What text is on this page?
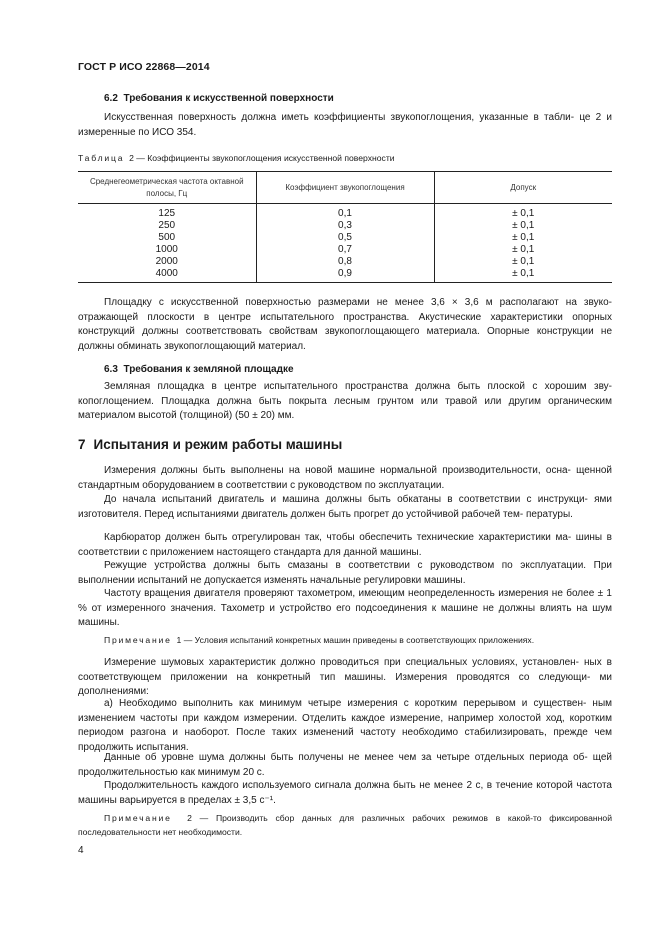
ГОСТ Р ИСО 22868—2014
6.2 Требования к искусственной поверхности

Искусственная поверхность должна иметь коэффициенты звукопоглощения, указанные в табли- це 2 и измеренные по ИСО 354.

Таблица 2 — Коэффициенты звукопоглощения искусственной поверхности
Среднегеометрическая частота октавной полосы, Гц	Коэффициент звукопоглощения	Допуск
125	0,1	± 0,1
250	0,3	± 0,1
500	0,5	± 0,1
1000	0,7	± 0,1
2000	0,8	± 0,1
4000	0,9	± 0,1

Площадку с искусственной поверхностью размерами не менее 3,6 × 3,6 м располагают на звуко- отражающей плоскости в центре испытательного пространства. Акустические характеристики опорных конструкций должны соответствовать свойствам звукопоглощающего материала. Опорные конструкции не должны обминать звукопоглощающий материал.

6.3 Требования к земляной площадке

Земляная площадка в центре испытательного пространства должна быть плоской с хорошим зву- копоглощением. Площадка должна быть покрыта лесным грунтом или травой или другим органическим материалом высотой (толщиной) (50 ± 20) мм.

7 Испытания и режим работы машины

Измерения должны быть выполнены на новой машине нормальной производительности, осна- щенной стандартным оборудованием в соответствии с руководством по эксплуатации.

До начала испытаний двигатель и машина должны быть обкатаны в соответствии с инструкци- ями изготовителя. Перед испытаниями двигатель должен быть прогрет до устойчивой рабочей тем- пературы.

Карбюратор должен быть отрегулирован так, чтобы обеспечить технические характеристики ма- шины в соответствии с приложением настоящего стандарта для данной машины.

Режущие устройства должны быть смазаны в соответствии с руководством по эксплуатации. При выполнении испытаний не допускается изменять начальные регулировки машины.

Частоту вращения двигателя проверяют тахометром, имеющим неопределенность измерения не более ± 1 % от измеренного значения. Тахометр и устройство его подсоединения к машине не должны влиять на шум машины.

Примечание 1 — Условия испытаний конкретных машин приведены в соответствующих приложениях.

Измерение шумовых характеристик должно проводиться при специальных условиях, установлен- ных в соответствующем приложении на конкретный тип машины. Измерения проводятся со следующи- ми дополнениями:

а) Необходимо выполнить как минимум четыре измерения с коротким перерывом и существен- ным изменением частоты при каждом измерении. Отделить каждое измерение, например холостой ход, коротким периодом разгона и наоборот. После таких изменений частоту необходимо стабилизировать, прежде чем продолжить испытания.

Данные об уровне шума должны быть получены не менее чем за четыре отдельных периода об- щей продолжительностью как минимум 20 с.

Продолжительность каждого используемого сигнала должна быть не менее 2 с, в течение которой частота машины варьируется в пределах ± 3,5 с⁻¹.

Примечание 2 — Производить сбор данных для различных рабочих режимов в какой-то фиксированной последовательности нет необходимости.

4
